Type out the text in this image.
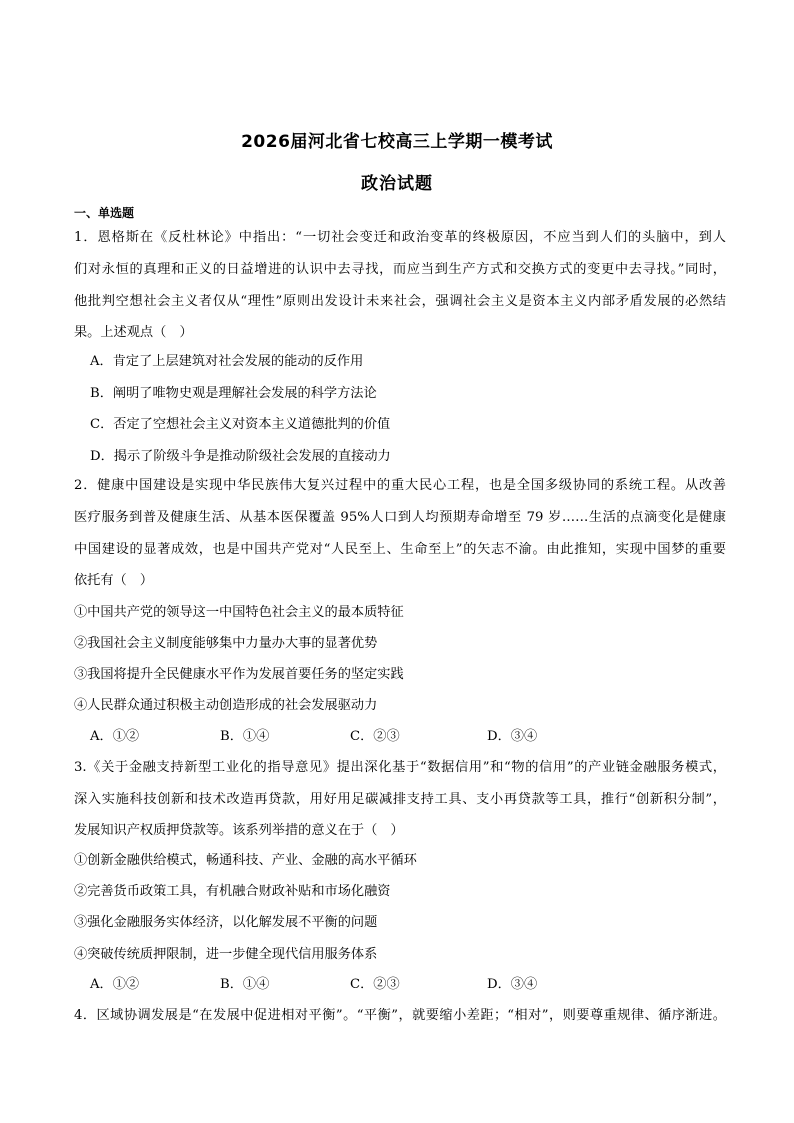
2026届河北省七校高三上学期一模考试
政治试题
一、单选题
1．恩格斯在《反杜林论》中指出：“一切社会变迁和政治变革的终极原因，不应当到人们的头脑中，到人
们对永恒的真理和正义的日益增进的认识中去寻找，而应当到生产方式和交换方式的变更中去寻找。”同时，
他批判空想社会主义者仅从“理性”原则出发设计未来社会，强调社会主义是资本主义内部矛盾发展的必然结
果。上述观点（　）
A．肯定了上层建筑对社会发展的能动的反作用
B．阐明了唯物史观是理解社会发展的科学方法论
C．否定了空想社会主义对资本主义道德批判的价值
D．揭示了阶级斗争是推动阶级社会发展的直接动力
2．健康中国建设是实现中华民族伟大复兴过程中的重大民心工程，也是全国多级协同的系统工程。从改善
医疗服务到普及健康生活、从基本医保覆盖 95%人口到人均预期寿命增至 79 岁……生活的点滴变化是健康
中国建设的显著成效，也是中国共产党对“人民至上、生命至上”的矢志不渝。由此推知，实现中国梦的重要
依托有（　）
①中国共产党的领导这一中国特色社会主义的最本质特征
②我国社会主义制度能够集中力量办大事的显著优势
③我国将提升全民健康水平作为发展首要任务的坚定实践
④人民群众通过积极主动创造形成的社会发展驱动力
A．①②	B．①④	C．②③	D．③④
3.《关于金融支持新型工业化的指导意见》提出深化基于“数据信用”和“物的信用”的产业链金融服务模式，
深入实施科技创新和技术改造再贷款，用好用足碳减排支持工具、支小再贷款等工具，推行“创新积分制”，
发展知识产权质押贷款等。该系列举措的意义在于（　）
①创新金融供给模式，畅通科技、产业、金融的高水平循环
②完善货币政策工具，有机融合财政补贴和市场化融资
③强化金融服务实体经济，以化解发展不平衡的问题
④突破传统质押限制，进一步健全现代信用服务体系
A．①②	B．①④	C．②③	D．③④
4．区域协调发展是“在发展中促进相对平衡”。“平衡”，就要缩小差距；“相对”，则要尊重规律、循序渐进。
